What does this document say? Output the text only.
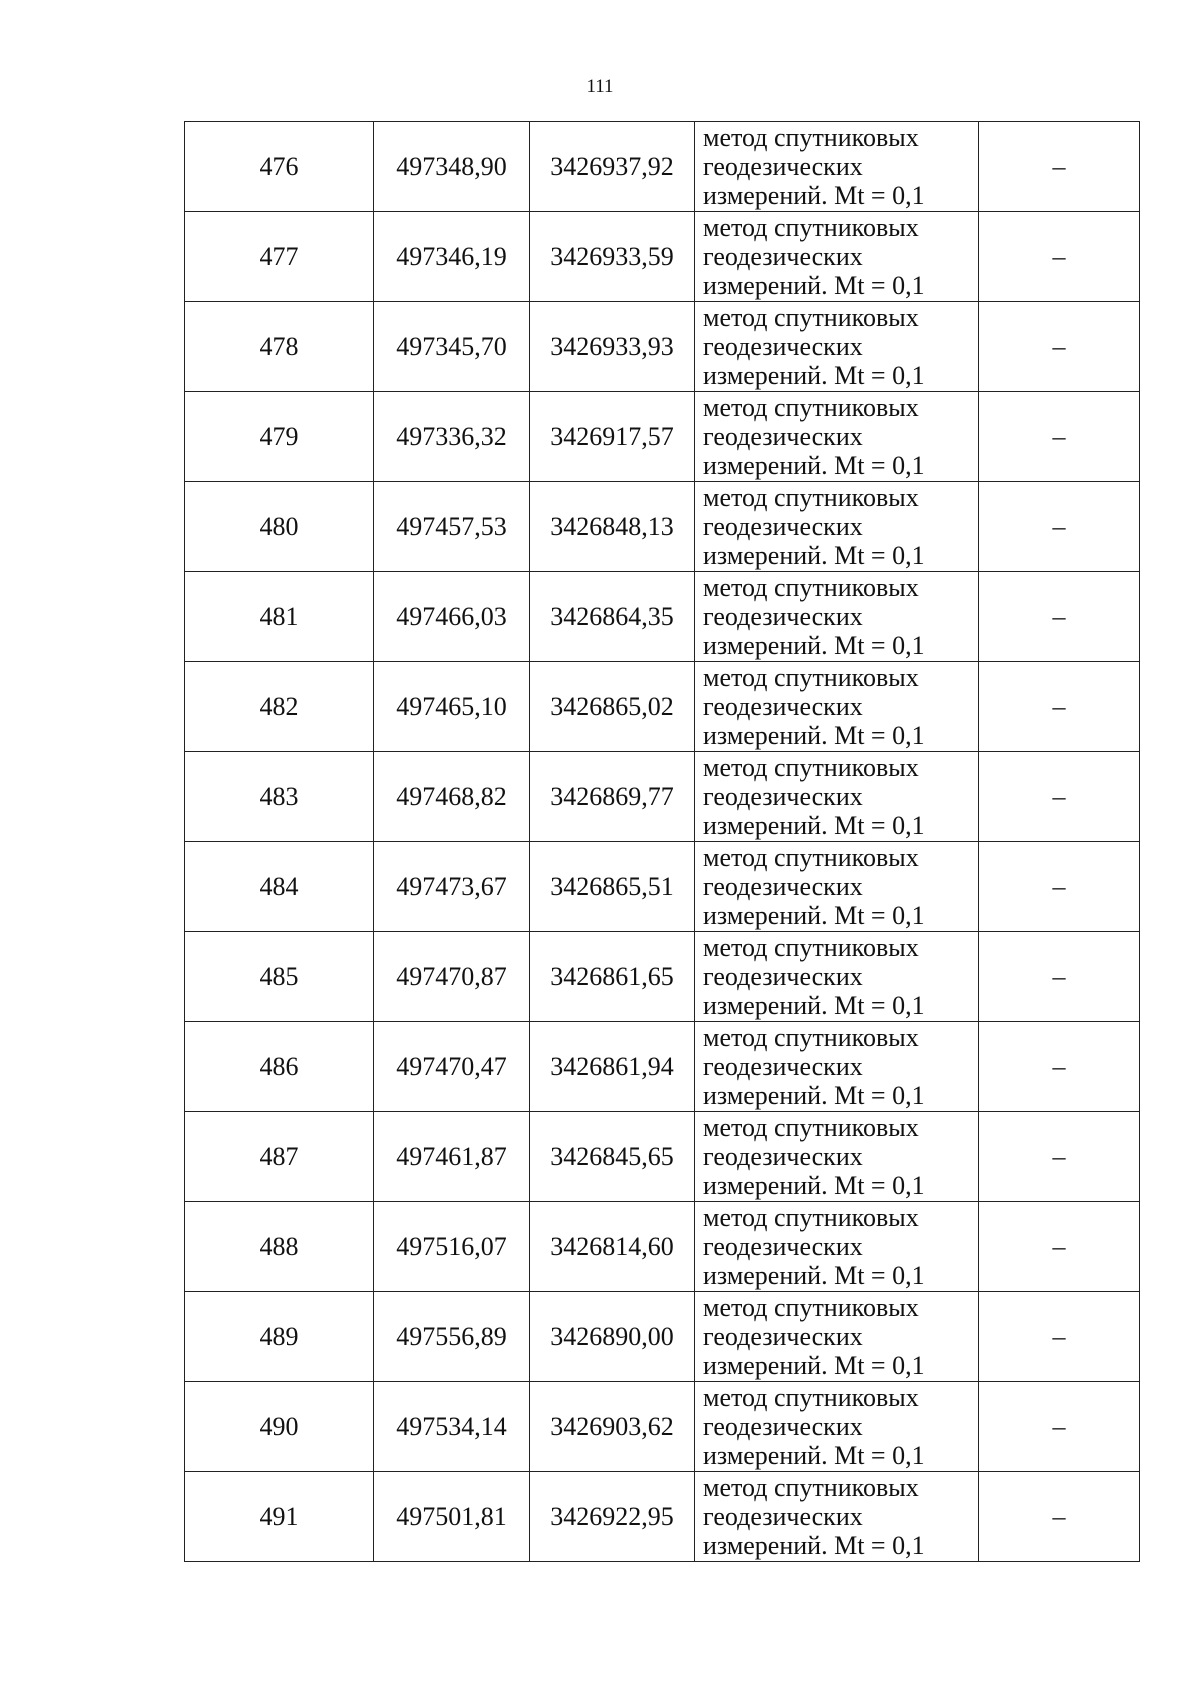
111
476	497348,90	3426937,92	метод спутниковых
геодезических
измерений. Mt = 0,1	–
477	497346,19	3426933,59	метод спутниковых
геодезических
измерений. Mt = 0,1	–
478	497345,70	3426933,93	метод спутниковых
геодезических
измерений. Mt = 0,1	–
479	497336,32	3426917,57	метод спутниковых
геодезических
измерений. Mt = 0,1	–
480	497457,53	3426848,13	метод спутниковых
геодезических
измерений. Mt = 0,1	–
481	497466,03	3426864,35	метод спутниковых
геодезических
измерений. Mt = 0,1	–
482	497465,10	3426865,02	метод спутниковых
геодезических
измерений. Mt = 0,1	–
483	497468,82	3426869,77	метод спутниковых
геодезических
измерений. Mt = 0,1	–
484	497473,67	3426865,51	метод спутниковых
геодезических
измерений. Mt = 0,1	–
485	497470,87	3426861,65	метод спутниковых
геодезических
измерений. Mt = 0,1	–
486	497470,47	3426861,94	метод спутниковых
геодезических
измерений. Mt = 0,1	–
487	497461,87	3426845,65	метод спутниковых
геодезических
измерений. Mt = 0,1	–
488	497516,07	3426814,60	метод спутниковых
геодезических
измерений. Mt = 0,1	–
489	497556,89	3426890,00	метод спутниковых
геодезических
измерений. Mt = 0,1	–
490	497534,14	3426903,62	метод спутниковых
геодезических
измерений. Mt = 0,1	–
491	497501,81	3426922,95	метод спутниковых
геодезических
измерений. Mt = 0,1	–
